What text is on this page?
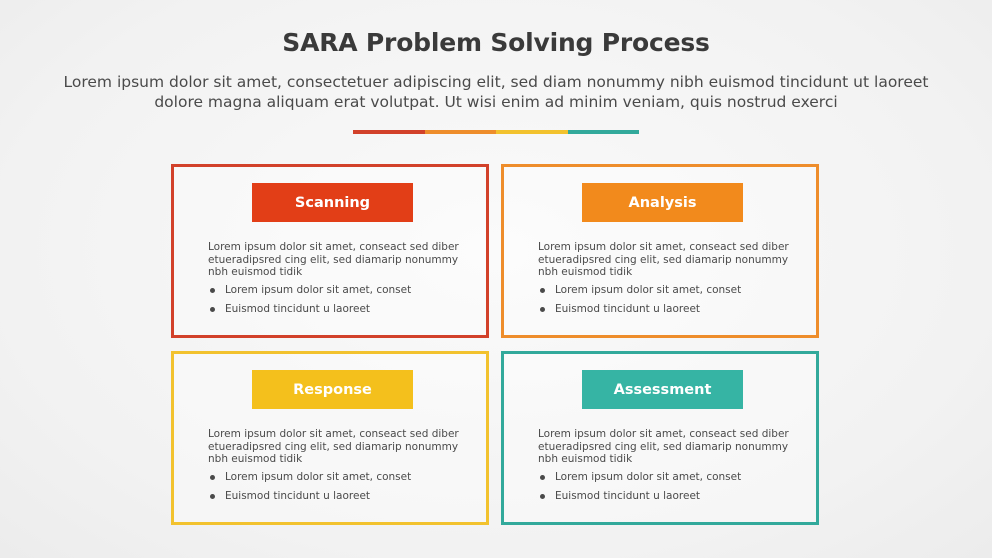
SARA Problem Solving Process
Lorem ipsum dolor sit amet, consectetuer adipiscing elit, sed diam nonummy nibh euismod tincidunt ut laoreet dolore magna aliquam erat volutpat. Ut wisi enim ad minim veniam, quis nostrud exerci
Scanning
Lorem ipsum dolor sit amet, conseact sed diber etueradipsred cing elit, sed diamarip nonummy nbh euismod tidik
Lorem ipsum dolor sit amet, conset
Euismod tincidunt u laoreet
Analysis
Lorem ipsum dolor sit amet, conseact sed diber etueradipsred cing elit, sed diamarip nonummy nbh euismod tidik
Lorem ipsum dolor sit amet, conset
Euismod tincidunt u laoreet
Response
Lorem ipsum dolor sit amet, conseact sed diber etueradipsred cing elit, sed diamarip nonummy nbh euismod tidik
Lorem ipsum dolor sit amet, conset
Euismod tincidunt u laoreet
Assessment
Lorem ipsum dolor sit amet, conseact sed diber etueradipsred cing elit, sed diamarip nonummy nbh euismod tidik
Lorem ipsum dolor sit amet, conset
Euismod tincidunt u laoreet
